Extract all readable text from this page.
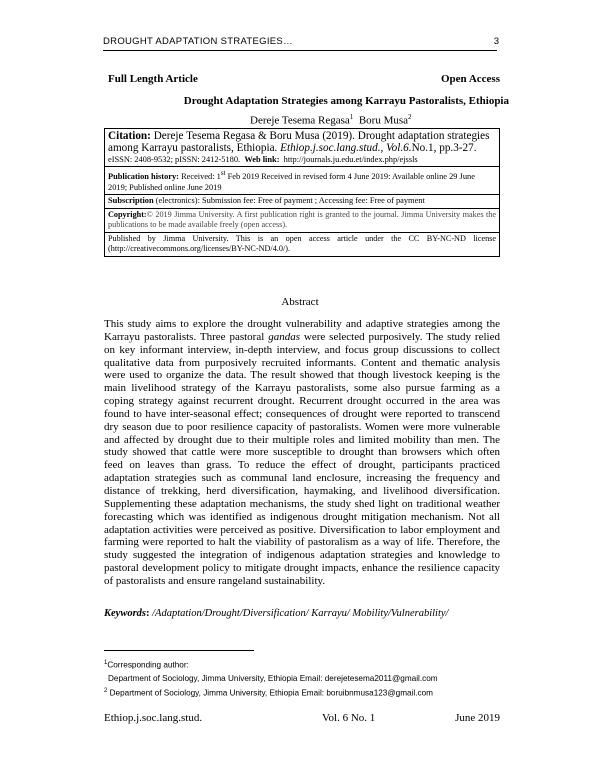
DROUGHT ADAPTATION STRATEGIES…	3
Full Length Article	Open Access
Drought Adaptation Strategies among Karrayu Pastoralists, Ethiopia
Dereje Tesema Regasa$^1$ Boru Musa$^2$
Citation: Dereje Tesema Regasa & Boru Musa (2019). Drought adaptation strategies among Karrayu pastoralists, Ethiopia. Ethiop.j.soc.lang.stud., Vol.6.No.1, pp.3-27.
eISSN: 2408-9532; pISSN: 2412-5180. Web link: http://journals.ju.edu.et/index.php/ejssls
Publication history: Received: 1st Feb 2019 Received in revised form 4 June 2019: Available online 29 June 2019; Published online June 2019
Subscription (electronics): Submission fee: Free of payment ; Accessing fee: Free of payment
Copyright:© 2019 Jimma University. A first publication right is granted to the journal. Jimma University makes the publications to be made available freely (open access).
Published by Jimma University. This is an open access article under the CC BY-NC-ND license (http://creativecommons.org/licenses/BY-NC-ND/4.0/).
Abstract
This study aims to explore the drought vulnerability and adaptive strategies among the Karrayu pastoralists. Three pastoral gandas were selected purposively. The study relied on key informant interview, in-depth interview, and focus group discussions to collect qualitative data from purposively recruited informants. Content and thematic analysis were used to organize the data. The result showed that though livestock keeping is the main livelihood strategy of the Karrayu pastoralists, some also pursue farming as a coping strategy against recurrent drought. Recurrent drought occurred in the area was found to have inter-seasonal effect; consequences of drought were reported to transcend dry season due to poor resilience capacity of pastoralists. Women were more vulnerable and affected by drought due to their multiple roles and limited mobility than men. The study showed that cattle were more susceptible to drought than browsers which often feed on leaves than grass. To reduce the effect of drought, participants practiced adaptation strategies such as communal land enclosure, increasing the frequency and distance of trekking, herd diversification, haymaking, and livelihood diversification. Supplementing these adaptation mechanisms, the study shed light on traditional weather forecasting which was identified as indigenous drought mitigation mechanism. Not all adaptation activities were perceived as positive. Diversification to labor employment and farming were reported to halt the viability of pastoralism as a way of life. Therefore, the study suggested the integration of indigenous adaptation strategies and knowledge to pastoral development policy to mitigate drought impacts, enhance the resilience capacity of pastoralists and ensure rangeland sustainability.
Keywords: /Adaptation/Drought/Diversification/ Karrayu/ Mobility/Vulnerability/
$^1$Corresponding author:
Department of Sociology, Jimma University, Ethiopia Email: derejetesema2011@gmail.com
$^2$ Department of Sociology, Jimma University, Ethiopia Email: boruibnmusa123@gmail.com
Ethiop.j.soc.lang.stud.	Vol. 6 No. 1	June 2019
